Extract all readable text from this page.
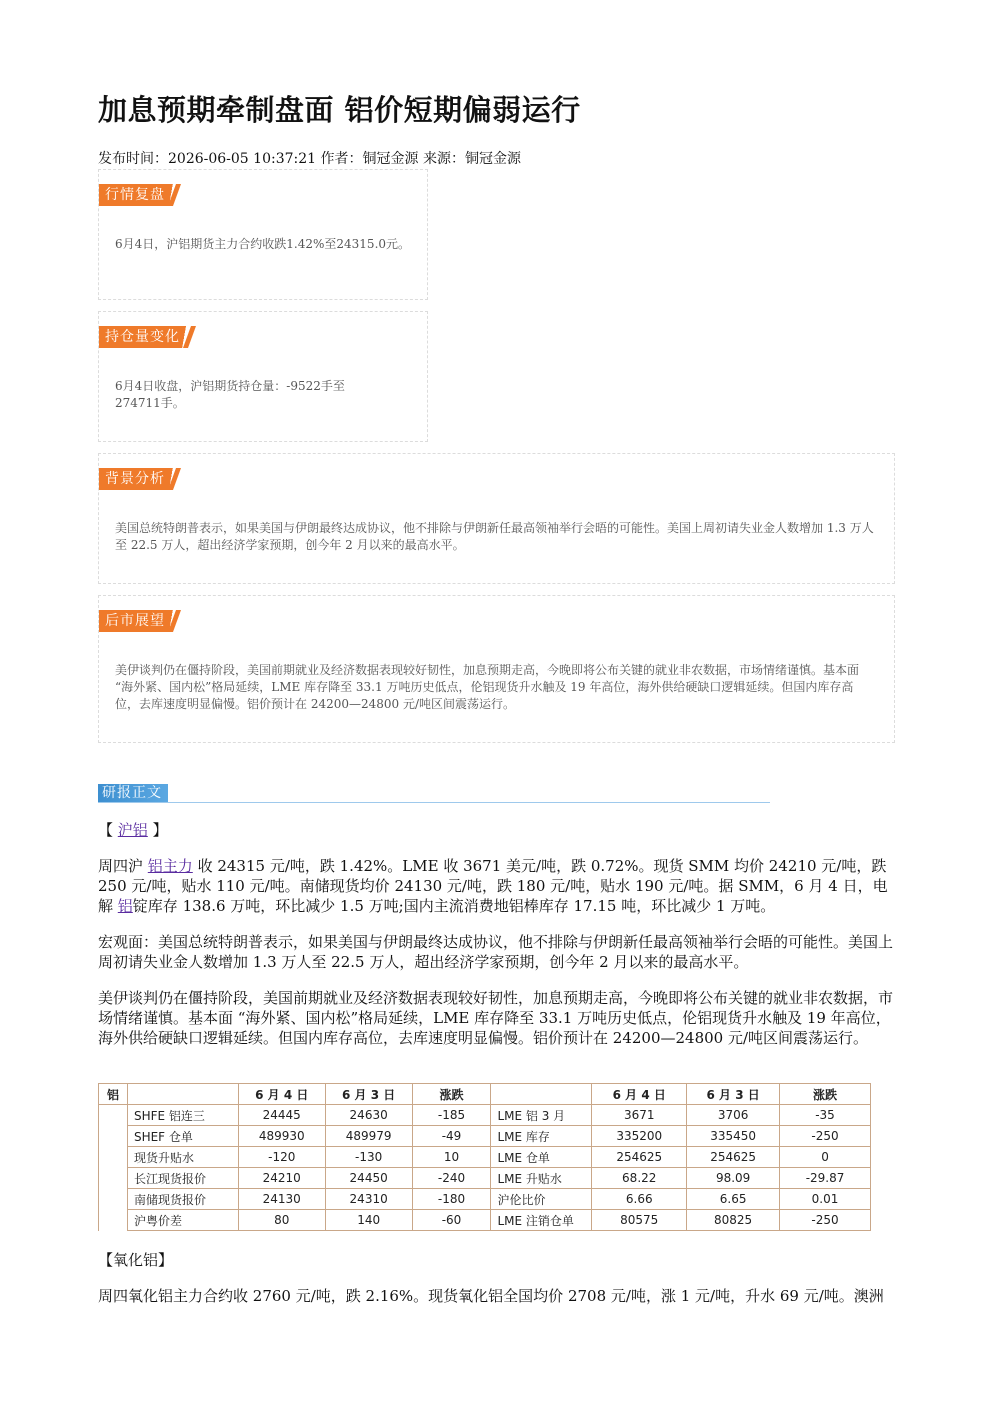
加息预期牵制盘面 铝价短期偏弱运行
发布时间：2026-06-05 10:37:21 作者：铜冠金源 来源：铜冠金源
行情复盘
6月4日，沪铝期货主力合约收跌1.42%至24315.0元。
持仓量变化
6月4日收盘，沪铝期货持仓量：-9522手至274711手。
背景分析
美国总统特朗普表示，如果美国与伊朗最终达成协议，他不排除与伊朗新任最高领袖举行会晤的可能性。美国上周初请失业金人数增加 1.3 万人至 22.5 万人，超出经济学家预期，创今年 2 月以来的最高水平。
后市展望
美伊谈判仍在僵持阶段，美国前期就业及经济数据表现较好韧性，加息预期走高，今晚即将公布关键的就业非农数据，市场情绪谨慎。基本面 “海外紧、国内松”格局延续，LME 库存降至 33.1 万吨历史低点，伦铝现货升水触及 19 年高位，海外供给硬缺口逻辑延续。但国内库存高位，去库速度明显偏慢。铝价预计在 24200—24800 元/吨区间震荡运行。
研报正文
【 沪铝 】
周四沪 铝主力 收 24315 元/吨，跌 1.42%。LME 收 3671 美元/吨，跌 0.72%。现货 SMM 均价 24210 元/吨，跌 250 元/吨，贴水 110 元/吨。南储现货均价 24130 元/吨，跌 180 元/吨，贴水 190 元/吨。据 SMM，6 月 4 日，电解 铝锭库存 138.6 万吨，环比减少 1.5 万吨;国内主流消费地铝棒库存 17.15 吨，环比减少 1 万吨。
宏观面：美国总统特朗普表示，如果美国与伊朗最终达成协议，他不排除与伊朗新任最高领袖举行会晤的可能性。美国上周初请失业金人数增加 1.3 万人至 22.5 万人，超出经济学家预期，创今年 2 月以来的最高水平。
美伊谈判仍在僵持阶段，美国前期就业及经济数据表现较好韧性，加息预期走高，今晚即将公布关键的就业非农数据，市场情绪谨慎。基本面 “海外紧、国内松”格局延续，LME 库存降至 33.1 万吨历史低点，伦铝现货升水触及 19 年高位，海外供给硬缺口逻辑延续。但国内库存高位，去库速度明显偏慢。铝价预计在 24200—24800 元/吨区间震荡运行。
铝		6 月 4 日	6 月 3 日	涨跌		6 月 4 日	6 月 3 日	涨跌
	SHFE 铝连三	24445	24630	-185	LME 铝 3 月	3671	3706	-35
	SHEF 仓单	489930	489979	-49	LME 库存	335200	335450	-250
	现货升贴水	-120	-130	10	LME 仓单	254625	254625	0
	长江现货报价	24210	24450	-240	LME 升贴水	68.22	98.09	-29.87
	南储现货报价	24130	24310	-180	沪伦比价	6.66	6.65	0.01
	沪粤价差	80	140	-60	LME 注销仓单	80575	80825	-250
【氧化铝】
周四氧化铝主力合约收 2760 元/吨，跌 2.16%。现货氧化铝全国均价 2708 元/吨，涨 1 元/吨，升水 69 元/吨。澳洲
